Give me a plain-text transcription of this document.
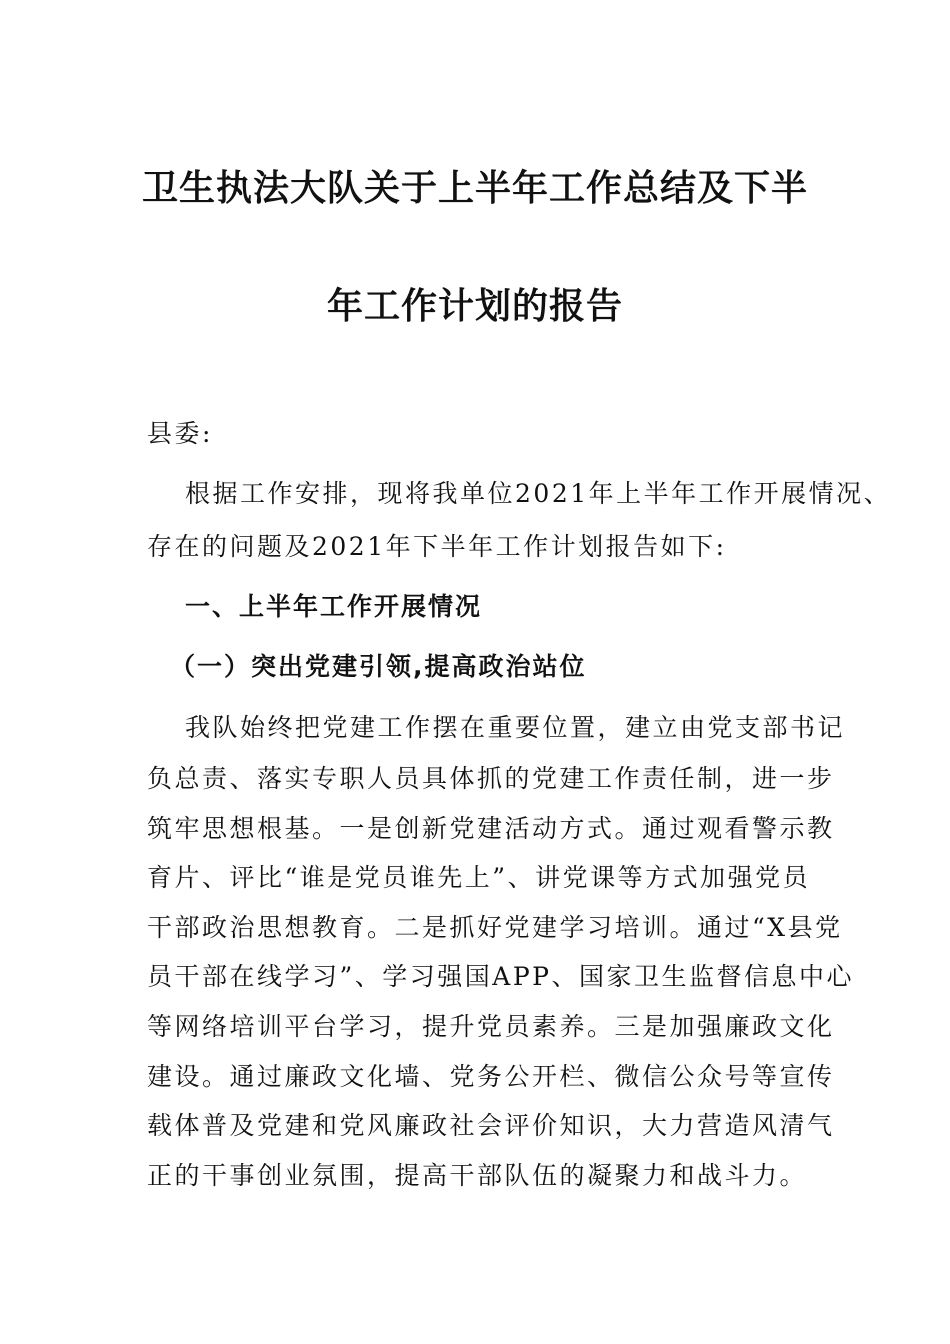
卫生执法大队关于上半年工作总结及下半
年工作计划的报告
县委:
根据工作安排，现将我单位2021年上半年工作开展情况、
存在的问题及2021年下半年工作计划报告如下:
一、上半年工作开展情况
（一）突出党建引领,提高政治站位
我队始终把党建工作摆在重要位置，建立由党支部书记
负总责、落实专职人员具体抓的党建工作责任制，进一步
筑牢思想根基。一是创新党建活动方式。通过观看警示教
育片、评比“谁是党员谁先上”、讲党课等方式加强党员
干部政治思想教育。二是抓好党建学习培训。通过“X县党
员干部在线学习”、学习强国APP、国家卫生监督信息中心
等网络培训平台学习，提升党员素养。三是加强廉政文化
建设。通过廉政文化墙、党务公开栏、微信公众号等宣传
载体普及党建和党风廉政社会评价知识，大力营造风清气
正的干事创业氛围，提高干部队伍的凝聚力和战斗力。
